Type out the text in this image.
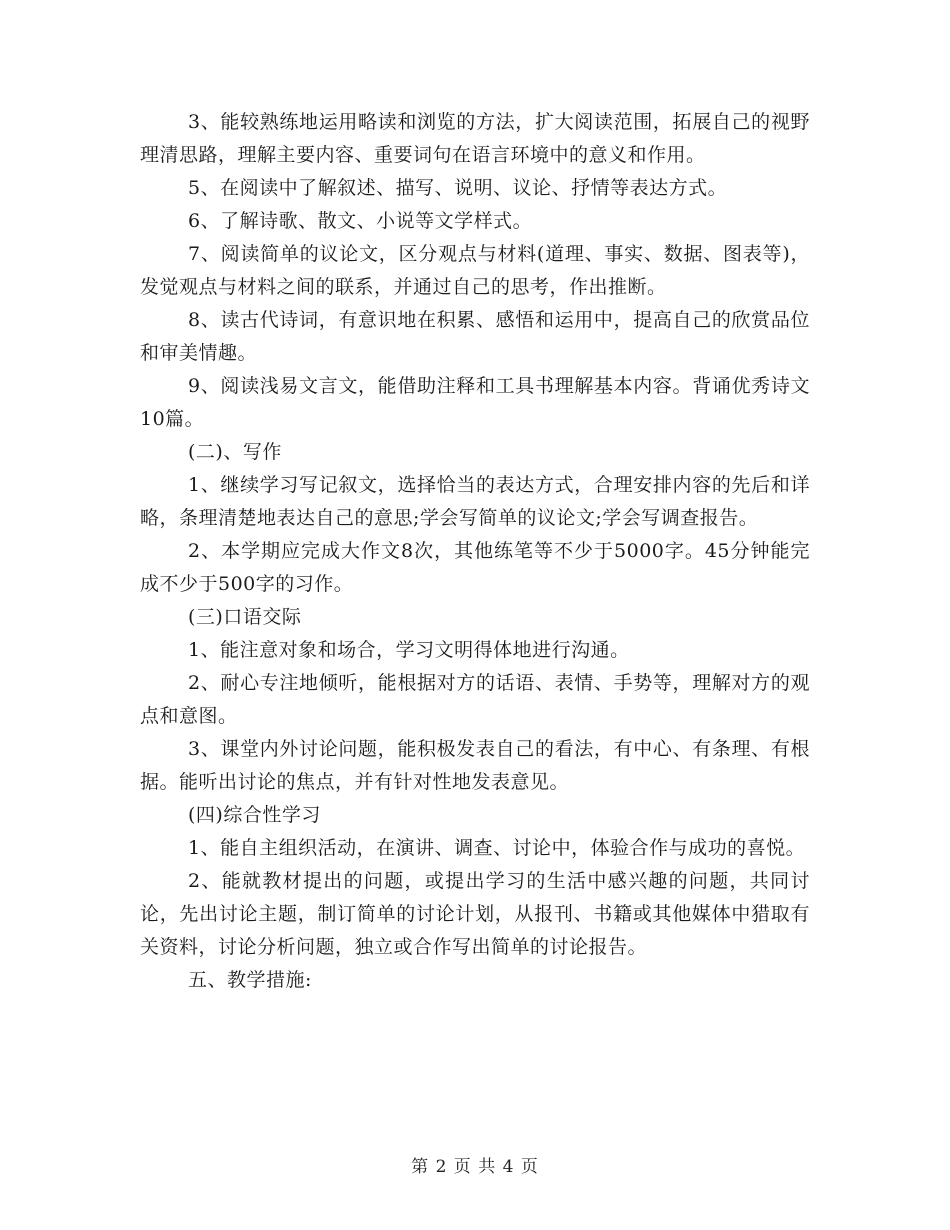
3、能较熟练地运用略读和浏览的方法，扩大阅读范围，拓展自己的视野理清思路，理解主要内容、重要词句在语言环境中的意义和作用。

5、在阅读中了解叙述、描写、说明、议论、抒情等表达方式。

6、了解诗歌、散文、小说等文学样式。

7、阅读简单的议论文，区分观点与材料(道理、事实、数据、图表等)，发觉观点与材料之间的联系，并通过自己的思考，作出推断。

8、读古代诗词，有意识地在积累、感悟和运用中，提高自己的欣赏品位和审美情趣。

9、阅读浅易文言文，能借助注释和工具书理解基本内容。背诵优秀诗文10篇。

(二)、写作

1、继续学习写记叙文，选择恰当的表达方式，合理安排内容的先后和详略，条理清楚地表达自己的意思;学会写简单的议论文;学会写调查报告。

2、本学期应完成大作文8次，其他练笔等不少于5000字。45分钟能完成不少于500字的习作。

(三)口语交际

1、能注意对象和场合，学习文明得体地进行沟通。

2、耐心专注地倾听，能根据对方的话语、表情、手势等，理解对方的观点和意图。

3、课堂内外讨论问题，能积极发表自己的看法，有中心、有条理、有根据。能听出讨论的焦点，并有针对性地发表意见。

(四)综合性学习

1、能自主组织活动，在演讲、调查、讨论中，体验合作与成功的喜悦。

2、能就教材提出的问题，或提出学习的生活中感兴趣的问题，共同讨论，先出讨论主题，制订简单的讨论计划，从报刊、书籍或其他媒体中猎取有关资料，讨论分析问题，独立或合作写出简单的讨论报告。

五、教学措施:

第 2 页 共 4 页
